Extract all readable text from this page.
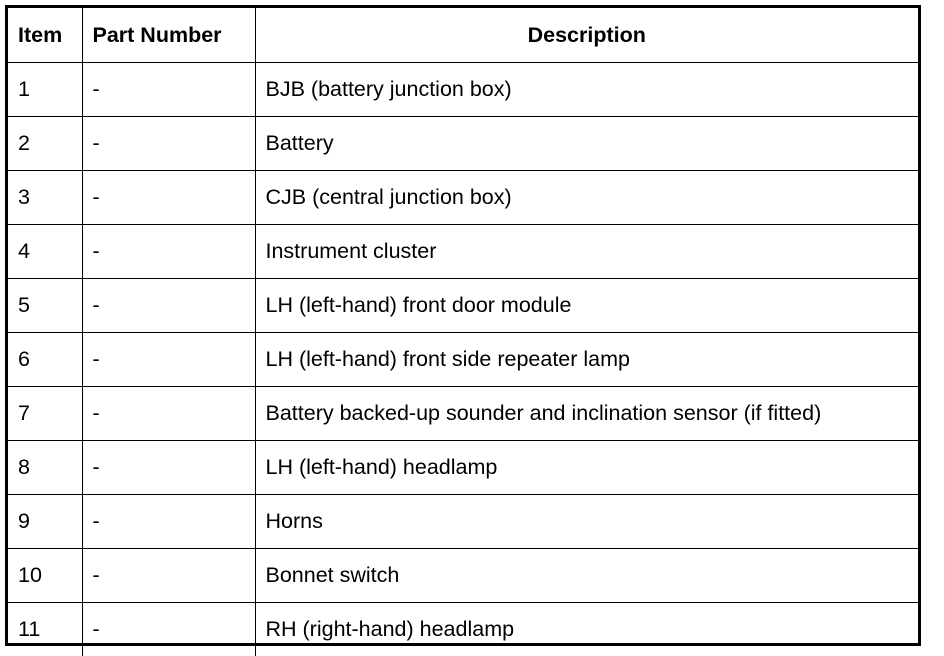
Item	Part Number	Description
1	-	BJB (battery junction box)
2	-	Battery
3	-	CJB (central junction box)
4	-	Instrument cluster
5	-	LH (left-hand) front door module
6	-	LH (left-hand) front side repeater lamp
7	-	Battery backed-up sounder and inclination sensor (if fitted)
8	-	LH (left-hand) headlamp
9	-	Horns
10	-	Bonnet switch
11	-	RH (right-hand) headlamp
